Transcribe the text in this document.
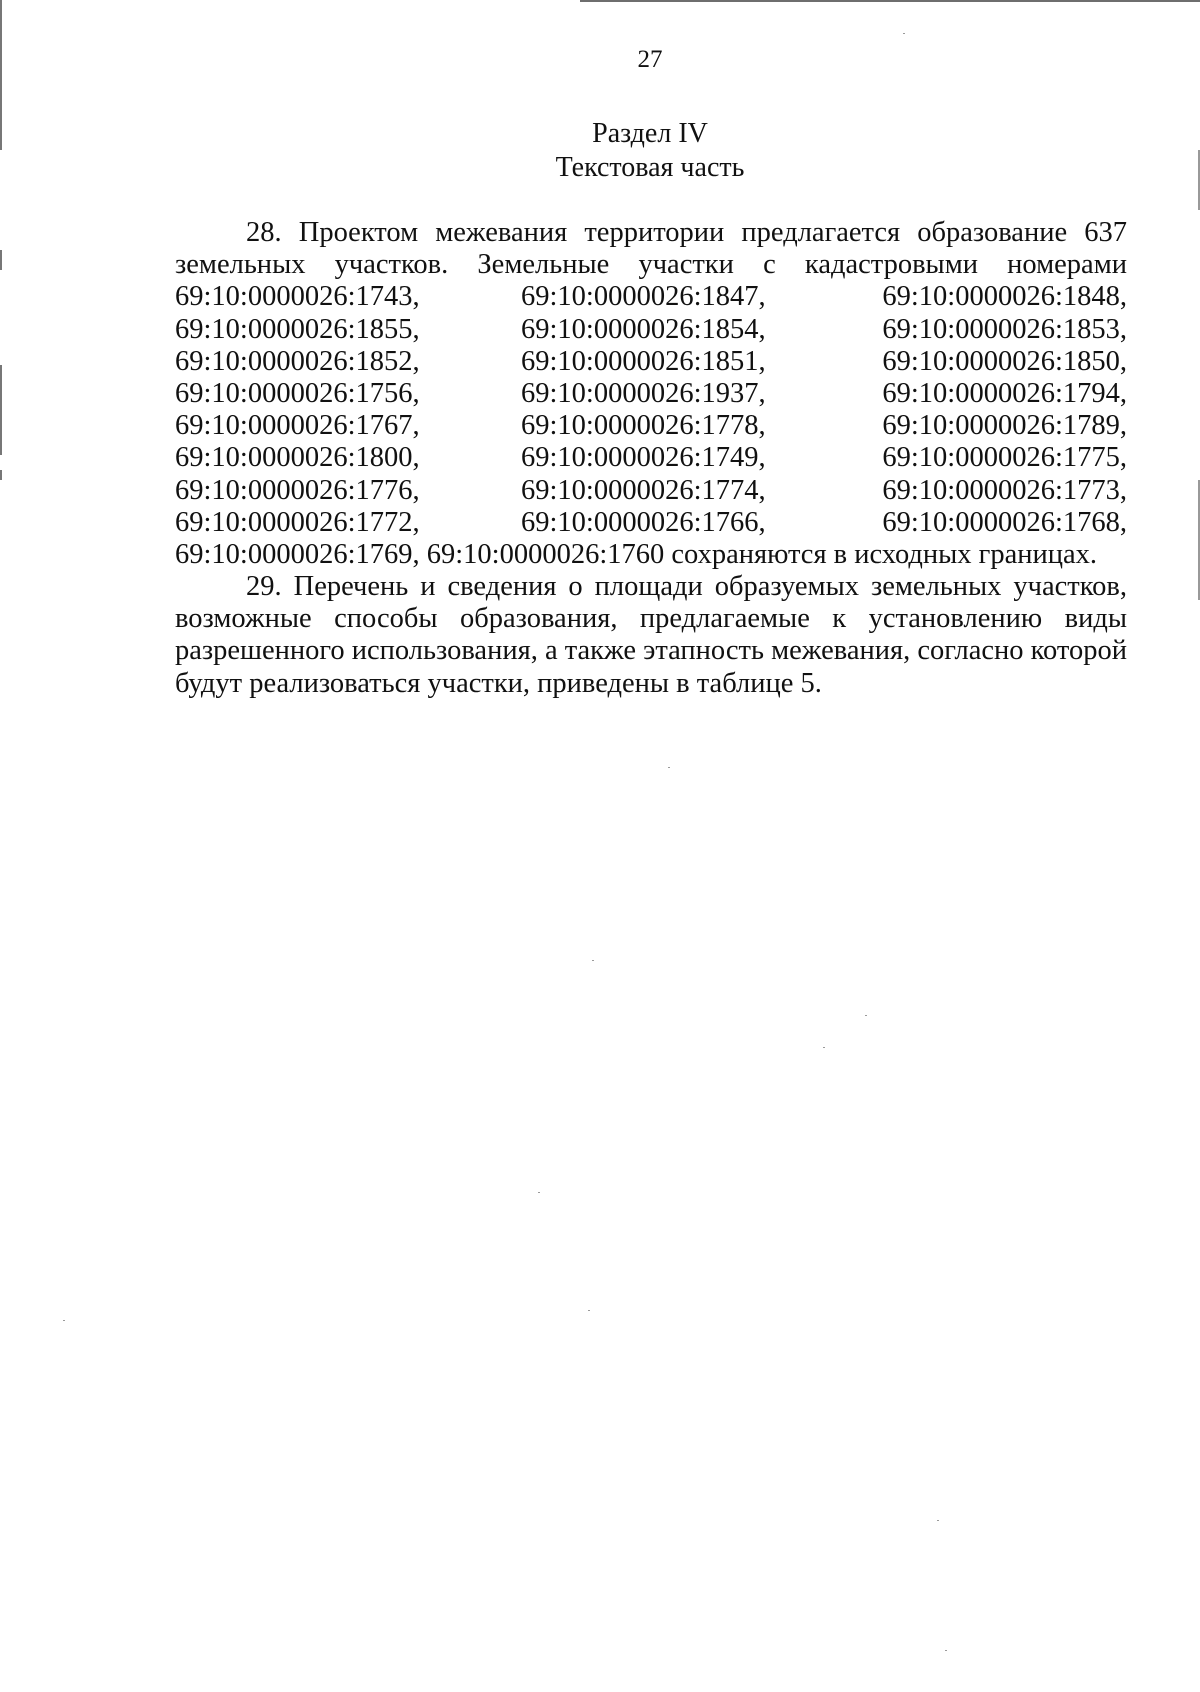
27
Раздел IV
Текстовая часть
28. Проектом межевания территории предлагается образование 637
земельных участков. Земельные участки с кадастровыми номерами
69:10:0000026:1743,	69:10:0000026:1847,	69:10:0000026:1848,
69:10:0000026:1855,	69:10:0000026:1854,	69:10:0000026:1853,
69:10:0000026:1852,	69:10:0000026:1851,	69:10:0000026:1850,
69:10:0000026:1756,	69:10:0000026:1937,	69:10:0000026:1794,
69:10:0000026:1767,	69:10:0000026:1778,	69:10:0000026:1789,
69:10:0000026:1800,	69:10:0000026:1749,	69:10:0000026:1775,
69:10:0000026:1776,	69:10:0000026:1774,	69:10:0000026:1773,
69:10:0000026:1772,	69:10:0000026:1766,	69:10:0000026:1768,
69:10:0000026:1769, 69:10:0000026:1760 сохраняются в исходных границах.
29. Перечень и сведения о площади образуемых земельных участков,
возможные способы образования, предлагаемые к установлению виды
разрешенного использования, а также этапность межевания, согласно которой
будут реализоваться участки, приведены в таблице 5.
